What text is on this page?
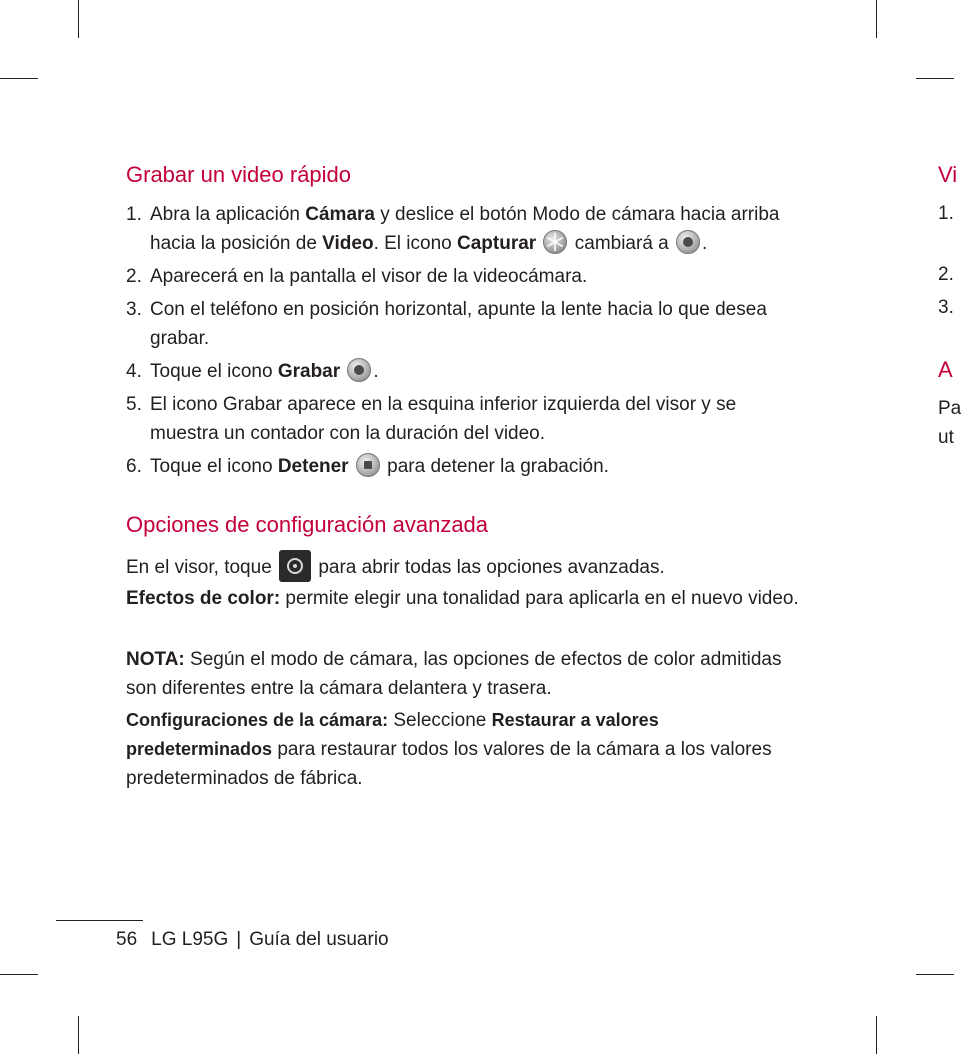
Grabar un video rápido
1. Abra la aplicación Cámara y deslice el botón Modo de cámara hacia arriba hacia la posición de Video. El icono Capturar
cambiará a
.
2. Aparecerá en la pantalla el visor de la videocámara.
3. Con el teléfono en posición horizontal, apunte la lente hacia lo que desea grabar.
4. Toque el icono Grabar .
5. El icono Grabar aparece en la esquina inferior izquierda del visor y se muestra un contador con la duración del video.
6. Toque el icono Detener
para detener la grabación.
Opciones de configuración avanzada

En el visor, toque
para abrir todas las opciones avanzadas.

Efectos de color: permite elegir una tonalidad para aplicarla en el nuevo video.

NOTA: Según el modo de cámara, las opciones de efectos de color admitidas son diferentes entre la cámara delantera y trasera.

Configuraciones de la cámara: Seleccione Restaurar a valores predeterminados para restaurar todos los valores de la cámara a los valores predeterminados de fábrica.

56 LG L95G | Guía del usuario
Vi
1.
2.
3.
A
Pa
ut
